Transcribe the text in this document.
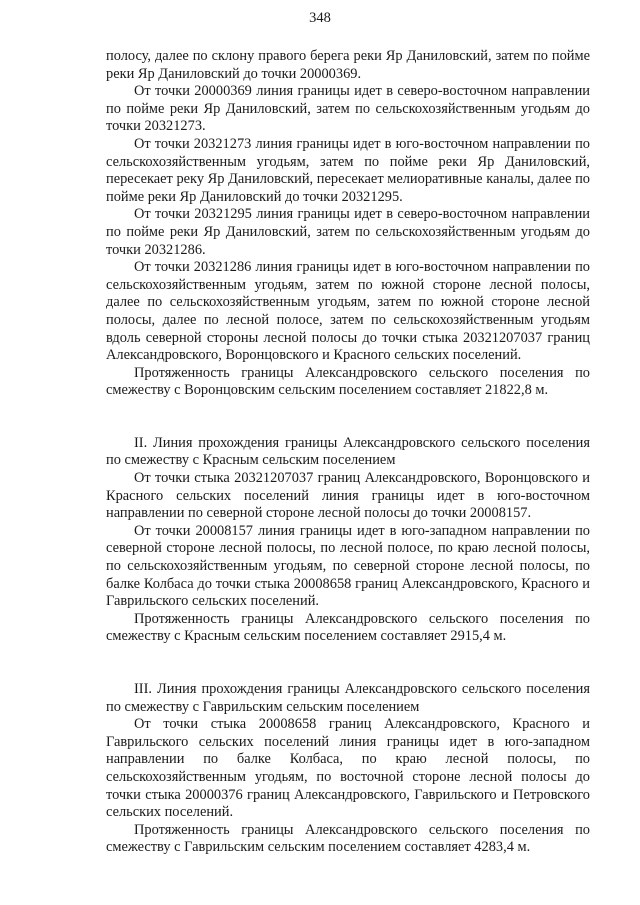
348

полосу, далее по склону правого берега реки Яр Даниловский, затем по пойме реки Яр Даниловский до точки 20000369.

От точки 20000369 линия границы идет в северо-восточном направлении по пойме реки Яр Даниловский, затем по сельскохозяйственным угодьям до точки 20321273.

От точки 20321273 линия границы идет в юго-восточном направлении по сельскохозяйственным угодьям, затем по пойме реки Яр Даниловский, пересекает реку Яр Даниловский, пересекает мелиоративные каналы, далее по пойме реки Яр Даниловский до точки 20321295.

От точки 20321295 линия границы идет в северо-восточном направлении по пойме реки Яр Даниловский, затем по сельскохозяйственным угодьям до точки 20321286.

От точки 20321286 линия границы идет в юго-восточном направлении по сельскохозяйственным угодьям, затем по южной стороне лесной полосы, далее по сельскохозяйственным угодьям, затем по южной стороне лесной полосы, далее по лесной полосе, затем по сельскохозяйственным угодьям вдоль северной стороны лесной полосы до точки стыка 20321207037 границ Александровского, Воронцовского и Красного сельских поселений.

Протяженность границы Александровского сельского поселения по смежеству с Воронцовским сельским поселением составляет 21822,8 м.

II. Линия прохождения границы Александровского сельского поселения по смежеству с Красным сельским поселением

От точки стыка 20321207037 границ Александровского, Воронцовского и Красного сельских поселений линия границы идет в юго-восточном направлении по северной стороне лесной полосы до точки 20008157.

От точки 20008157 линия границы идет в юго-западном направлении по северной стороне лесной полосы, по лесной полосе, по краю лесной полосы, по сельскохозяйственным угодьям, по северной стороне лесной полосы, по балке Колбаса до точки стыка 20008658 границ Александровского, Красного и Гаврильского сельских поселений.

Протяженность границы Александровского сельского поселения по смежеству с Красным сельским поселением составляет 2915,4 м.

III. Линия прохождения границы Александровского сельского поселения по смежеству с Гаврильским сельским поселением

От точки стыка 20008658 границ Александровского, Красного и Гаврильского сельских поселений линия границы идет в юго-западном направлении по балке Колбаса, по краю лесной полосы, по сельскохозяйственным угодьям, по восточной стороне лесной полосы до точки стыка 20000376 границ Александровского, Гаврильского и Петровского сельских поселений.

Протяженность границы Александровского сельского поселения по смежеству с Гаврильским сельским поселением составляет 4283,4 м.
